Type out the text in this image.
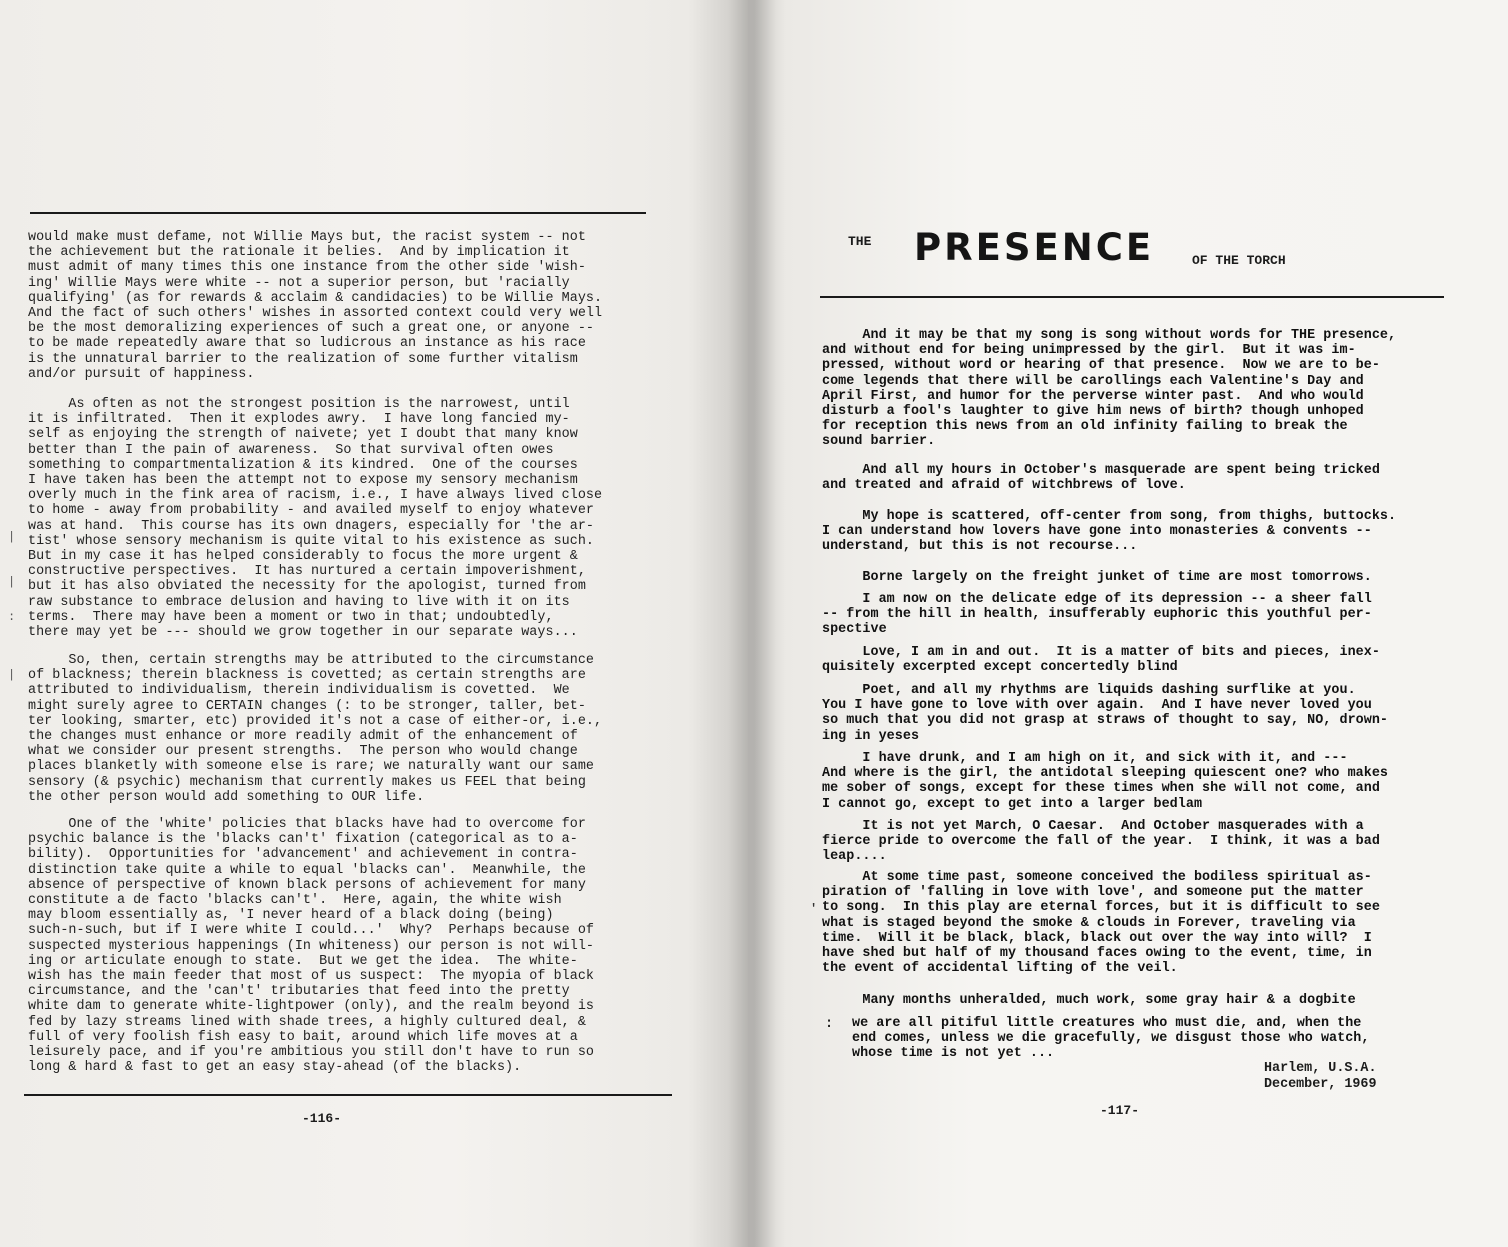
would make must defame, not Willie Mays but, the racist system -- not
the achievement but the rationale it belies.  And by implication it
must admit of many times this one instance from the other side 'wish-
ing' Willie Mays were white -- not a superior person, but 'racially
qualifying' (as for rewards & acclaim & candidacies) to be Willie Mays.
And the fact of such others' wishes in assorted context could very well
be the most demoralizing experiences of such a great one, or anyone --
to be made repeatedly aware that so ludicrous an instance as his race
is the unnatural barrier to the realization of some further vitalism
and/or pursuit of happiness.
As often as not the strongest position is the narrowest, until
it is infiltrated.  Then it explodes awry.  I have long fancied my-
self as enjoying the strength of naivete; yet I doubt that many know
better than I the pain of awareness.  So that survival often owes
something to compartmentalization & its kindred.  One of the courses
I have taken has been the attempt not to expose my sensory mechanism
overly much in the fink area of racism, i.e., I have always lived close
to home - away from probability - and availed myself to enjoy whatever
was at hand.  This course has its own dnagers, especially for 'the ar-
tist' whose sensory mechanism is quite vital to his existence as such.
But in my case it has helped considerably to focus the more urgent &
constructive perspectives.  It has nurtured a certain impoverishment,
but it has also obviated the necessity for the apologist, turned from
raw substance to embrace delusion and having to live with it on its
terms.  There may have been a moment or two in that; undoubtedly,
there may yet be --- should we grow together in our separate ways...
So, then, certain strengths may be attributed to the circumstance
of blackness; therein blackness is covetted; as certain strengths are
attributed to individualism, therein individualism is covetted.  We
might surely agree to CERTAIN changes (: to be stronger, taller, bet-
ter looking, smarter, etc) provided it's not a case of either-or, i.e.,
the changes must enhance or more readily admit of the enhancement of
what we consider our present strengths.  The person who would change
places blanketly with someone else is rare; we naturally want our same
sensory (& psychic) mechanism that currently makes us FEEL that being
the other person would add something to OUR life.
One of the 'white' policies that blacks have had to overcome for
psychic balance is the 'blacks can't' fixation (categorical as to a-
bility).  Opportunities for 'advancement' and achievement in contra-
distinction take quite a while to equal 'blacks can'.  Meanwhile, the
absence of perspective of known black persons of achievement for many
constitute a de facto 'blacks can't'.  Here, again, the white wish
may bloom essentially as, 'I never heard of a black doing (being)
such-n-such, but if I were white I could...'  Why?  Perhaps because of
suspected mysterious happenings (In whiteness) our person is not will-
ing or articulate enough to state.  But we get the idea.  The white-
wish has the main feeder that most of us suspect:  The myopia of black
circumstance, and the 'can't' tributaries that feed into the pretty
white dam to generate white-lightpower (only), and the realm beyond is
fed by lazy streams lined with shade trees, a highly cultured deal, &
full of very foolish fish easy to bait, around which life moves at a
leisurely pace, and if you're ambitious you still don't have to run so
long & hard & fast to get an easy stay-ahead (of the blacks).
-116-
|
|
:
|
THE PRESENCE	OF THE TORCH
And it may be that my song is song without words for THE presence,
and without end for being unimpressed by the girl.  But it was im-
pressed, without word or hearing of that presence.  Now we are to be-
come legends that there will be carollings each Valentine's Day and
April First, and humor for the perverse winter past.  And who would
disturb a fool's laughter to give him news of birth? though unhoped
for reception this news from an old infinity failing to break the
sound barrier.
And all my hours in October's masquerade are spent being tricked
and treated and afraid of witchbrews of love.
My hope is scattered, off-center from song, from thighs, buttocks.
I can understand how lovers have gone into monasteries & convents --
understand, but this is not recourse...
Borne largely on the freight junket of time are most tomorrows.
I am now on the delicate edge of its depression -- a sheer fall
-- from the hill in health, insufferably euphoric this youthful per-
spective
Love, I am in and out.  It is a matter of bits and pieces, inex-
quisitely excerpted except concertedly blind
Poet, and all my rhythms are liquids dashing surflike at you.
You I have gone to love with over again.  And I have never loved you
so much that you did not grasp at straws of thought to say, NO, drown-
ing in yeses
I have drunk, and I am high on it, and sick with it, and ---
And where is the girl, the antidotal sleeping quiescent one? who makes
me sober of songs, except for these times when she will not come, and
I cannot go, except to get into a larger bedlam
It is not yet March, O Caesar.  And October masquerades with a
fierce pride to overcome the fall of the year.  I think, it was a bad
leap....
At some time past, someone conceived the bodiless spiritual as-
piration of 'falling in love with love', and someone put the matter
to song.  In this play are eternal forces, but it is difficult to see
what is staged beyond the smoke & clouds in Forever, traveling via
time.  Will it be black, black, black out over the way into will?  I
have shed but half of my thousand faces owing to the event, time, in
the event of accidental lifting of the veil.
Many months unheralded, much work, some gray hair & a dogbite
: we are all pitiful little creatures who must die, and, when the
end comes, unless we die gracefully, we disgust those who watch,
whose time is not yet ...
Harlem, U.S.A.
December, 1969
-117-
'
